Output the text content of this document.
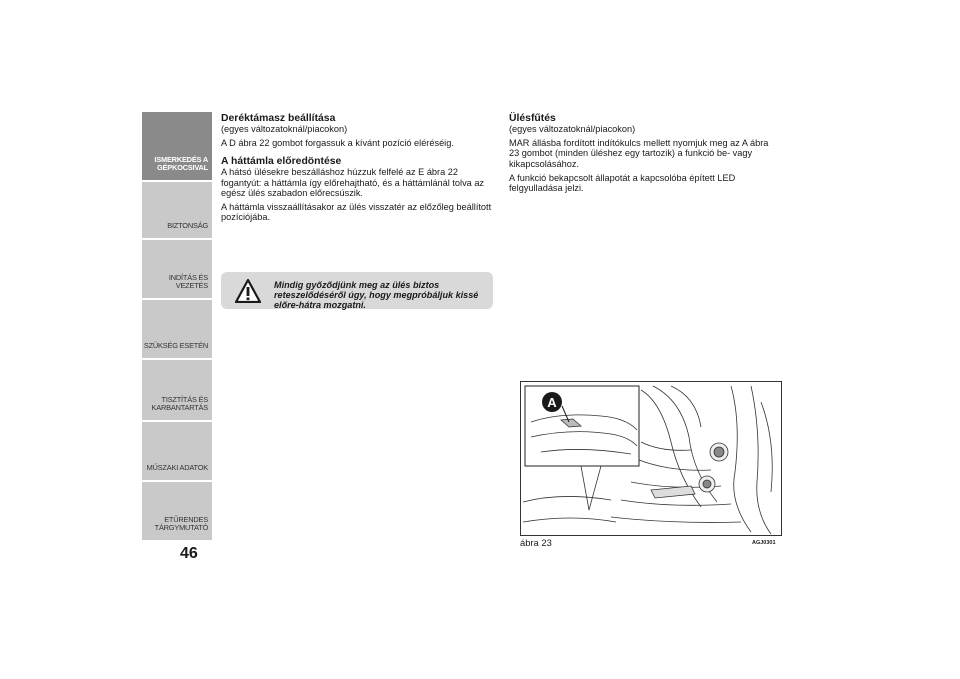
ISMERKEDÉS A
GÉPKOCSIVAL
BIZTONSÁG
INDÍTÁS ÉS VEZETÉS
SZÜKSÉG ESETÉN
TISZTÍTÁS ÉS
KARBANTARTÁS
MŰSZAKI ADATOK
ETŰRENDES
TÁRGYMUTATÓ
46

Deréktámasz beállítása

(egyes változatoknál/piacokon)

A D ábra 22 gombot forgassuk a kívánt pozíció eléréséig.

A háttámla előredöntése

A hátsó ülésekre beszálláshoz húzzuk felfelé az E ábra 22 fogantyút: a háttámla így előrehajtható, és a háttámlánál tolva az egész ülés szabadon előrecsúszik.

A háttámla visszaállításakor az ülés visszatér az előzőleg beállított pozíciójába.

Mindig győződjünk meg az ülés biztos reteszelődéséről úgy, hogy megpróbáljuk kissé előre-hátra mozgatni.

Ülésfűtés

(egyes változatoknál/piacokon)

MAR állásba fordított indítókulcs mellett nyomjuk meg az A ábra 23 gombot (minden üléshez egy tartozik) a funkció be- vagy kikapcsolásához.

A funkció bekapcsolt állapotát a kapcsolóba épített LED felgyulladása jelzi.

A
ábra 23	AGJ0301
